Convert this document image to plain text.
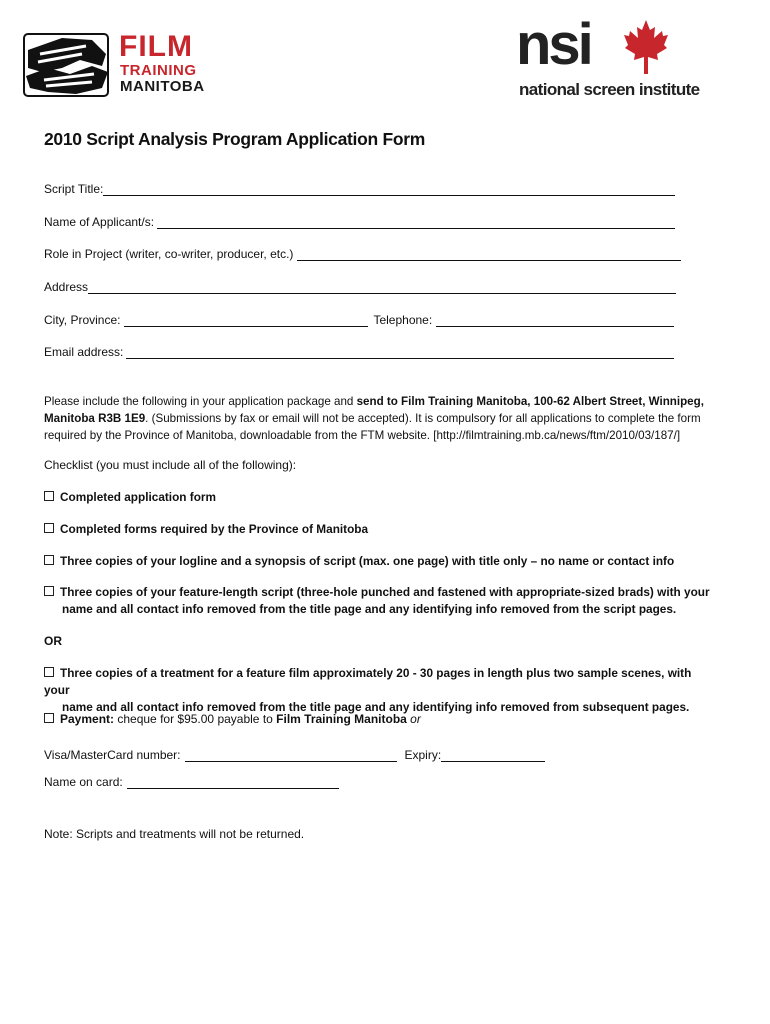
FILM
TRAINING
MANITOBA
nsi
national screen institute
2010 Script Analysis Program Application Form
Script Title:
Name of Applicant/s:
Role in Project (writer, co-writer, producer, etc.)
Address
City, Province:	Telephone:
Email address:
Please include the following in your application package and send to Film Training Manitoba, 100-62 Albert Street, Winnipeg, Manitoba R3B 1E9. (Submissions by fax or email will not be accepted). It is compulsory for all applications to complete the form required by the Province of Manitoba, downloadable from the FTM website. [http://filmtraining.mb.ca/news/ftm/2010/03/187/]
Checklist (you must include all of the following):
Completed application form
Completed forms required by the Province of Manitoba
Three copies of your logline and a synopsis of script (max. one page) with title only – no name or contact info
Three copies of your feature-length script (three-hole punched and fastened with appropriate-sized brads) with your
name and all contact info removed from the title page and any identifying info removed from the script pages.
OR
Three copies of a treatment for a feature film approximately 20 - 30 pages in length plus two sample scenes, with your
name and all contact info removed from the title page and any identifying info removed from subsequent pages.
Payment: cheque for $95.00 payable to Film Training Manitoba or
Visa/MasterCard number:	Expiry:
Name on card:
Note: Scripts and treatments will not be returned.
